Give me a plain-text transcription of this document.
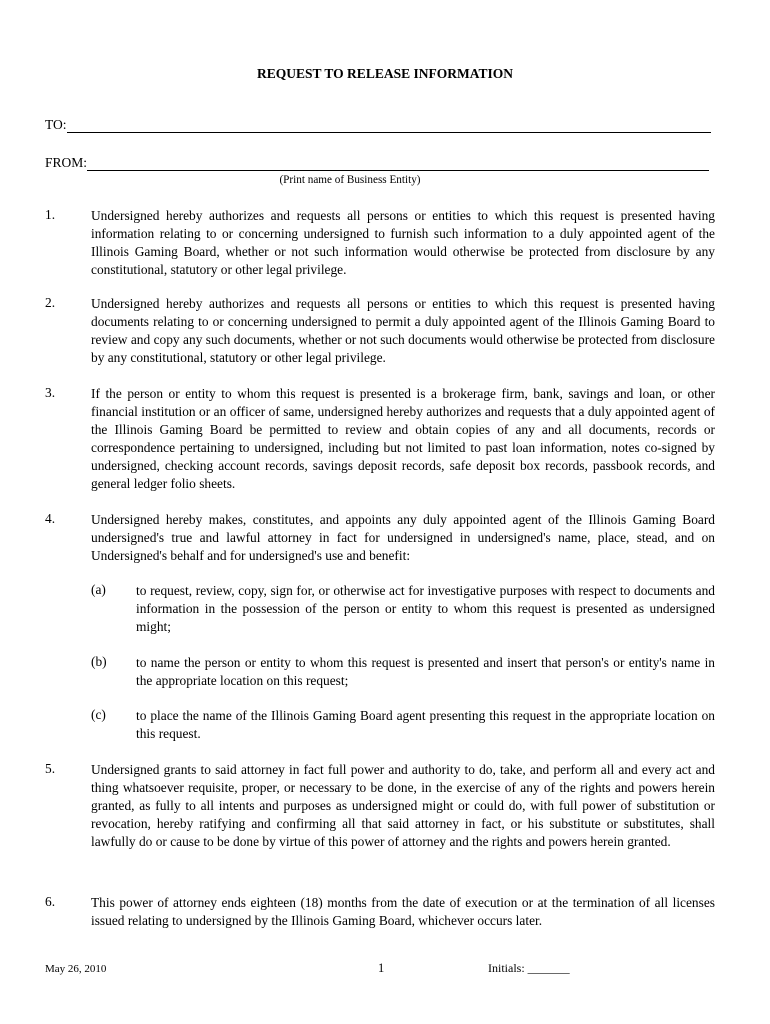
REQUEST TO RELEASE INFORMATION
TO:
FROM:
(Print name of Business Entity)
1.	Undersigned hereby authorizes and requests all persons or entities to which this request is presented having information relating to or concerning undersigned to furnish such information to a duly appointed agent of the Illinois Gaming Board, whether or not such information would otherwise be protected from disclosure by any constitutional, statutory or other legal privilege.
2.	Undersigned hereby authorizes and requests all persons or entities to which this request is presented having documents relating to or concerning undersigned to permit a duly appointed agent of the Illinois Gaming Board to review and copy any such documents, whether or not such documents would otherwise be protected from disclosure by any constitutional, statutory or other legal privilege.
3.	If the person or entity to whom this request is presented is a brokerage firm, bank, savings and loan, or other financial institution or an officer of same, undersigned hereby authorizes and requests that a duly appointed agent of the Illinois Gaming Board be permitted to review and obtain copies of any and all documents, records or correspondence pertaining to undersigned, including but not limited to past loan information, notes co-signed by undersigned, checking account records, savings deposit records, safe deposit box records, passbook records, and general ledger folio sheets.
4.	Undersigned hereby makes, constitutes, and appoints any duly appointed agent of the Illinois Gaming Board undersigned's true and lawful attorney in fact for undersigned in undersigned's name, place, stead, and on Undersigned's behalf and for undersigned's use and benefit:
(a) to request, review, copy, sign for, or otherwise act for investigative purposes with respect to documents and information in the possession of the person or entity to whom this request is presented as undersigned might;
(b) to name the person or entity to whom this request is presented and insert that person's or entity's name in the appropriate location on this request;
(c) to place the name of the Illinois Gaming Board agent presenting this request in the appropriate location on this request.
5.	Undersigned grants to said attorney in fact full power and authority to do, take, and perform all and every act and thing whatsoever requisite, proper, or necessary to be done, in the exercise of any of the rights and powers herein granted, as fully to all intents and purposes as undersigned might or could do, with full power of substitution or revocation, hereby ratifying and confirming all that said attorney in fact, or his substitute or substitutes, shall lawfully do or cause to be done by virtue of this power of attorney and the rights and powers herein granted.
6.	This power of attorney ends eighteen (18) months from the date of execution or at the termination of all licenses issued relating to undersigned by the Illinois Gaming Board, whichever occurs later.
May 26, 2010	1	Initials: _______
